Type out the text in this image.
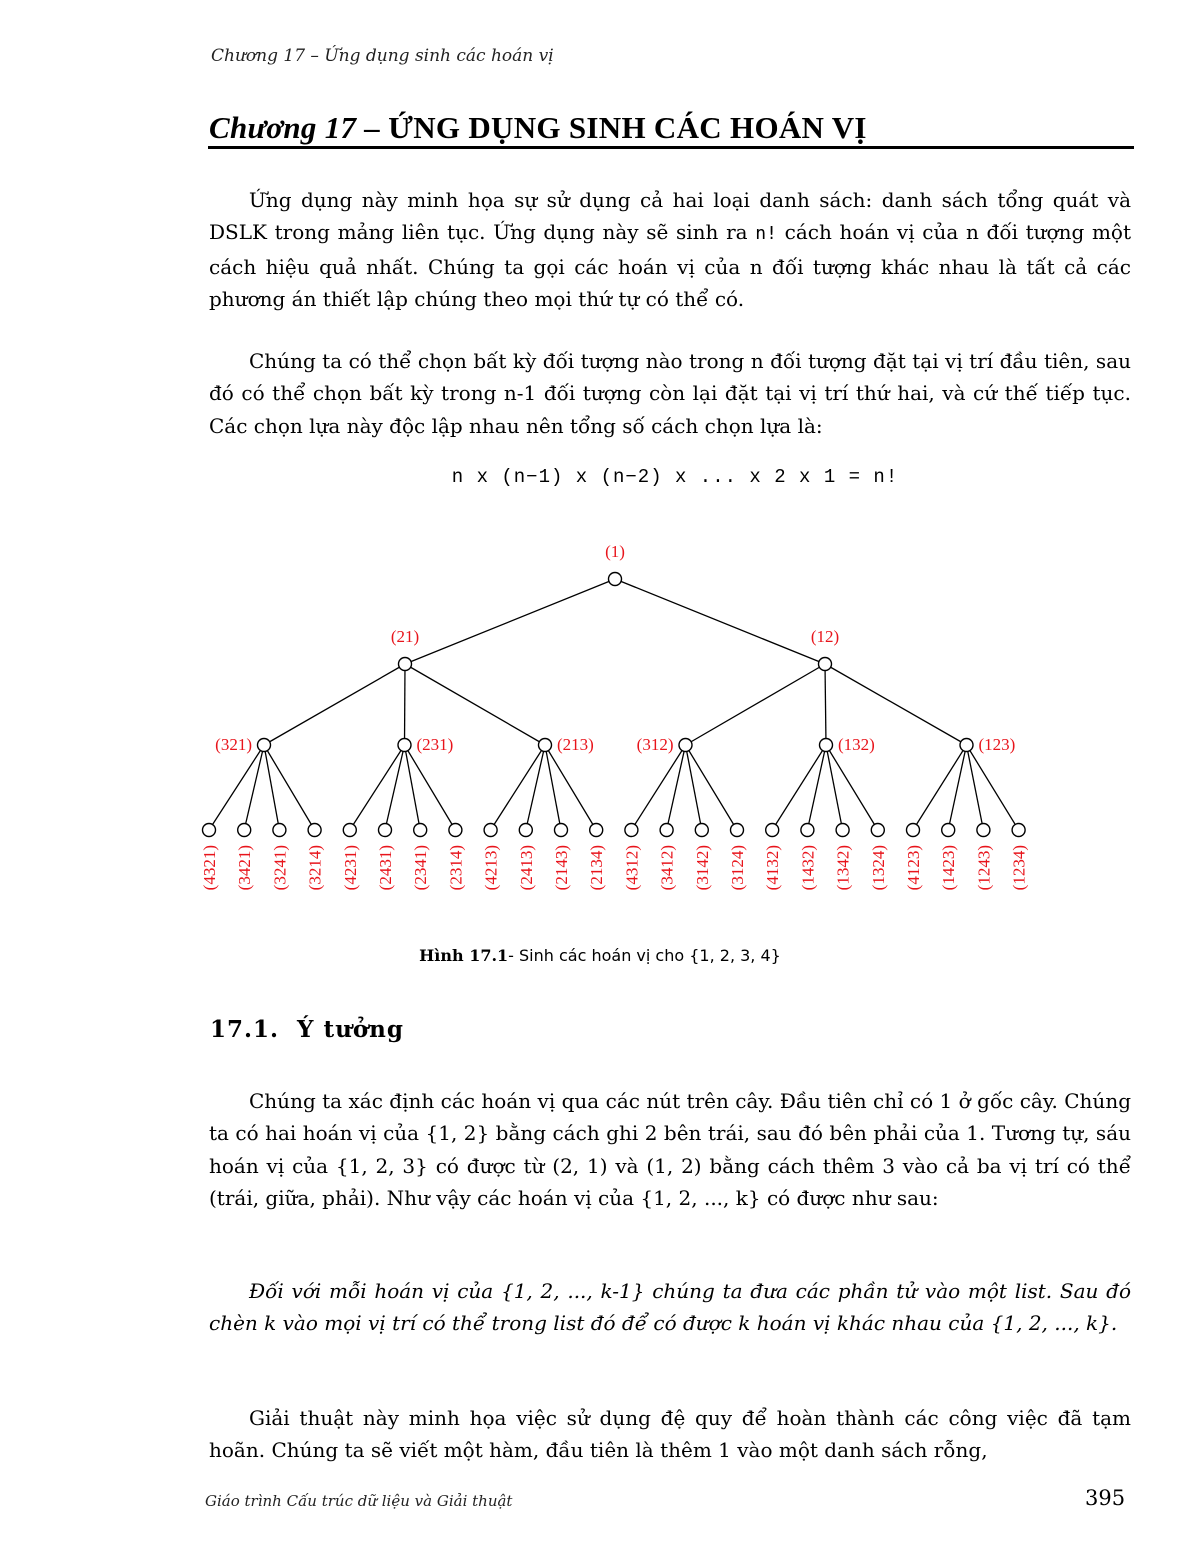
Chương 17 – Ứng dụng sinh các hoán vị
Chương 17 – ỨNG DỤNG SINH CÁC HOÁN VỊ

Ứng dụng này minh họa sự sử dụng cả hai loại danh sách: danh sách tổng quát và DSLK trong mảng liên tục. Ứng dụng này sẽ sinh ra n! cách hoán vị của n đối tượng một cách hiệu quả nhất. Chúng ta gọi các hoán vị của n đối tượng khác nhau là tất cả các phương án thiết lập chúng theo mọi thứ tự có thể có.

Chúng ta có thể chọn bất kỳ đối tượng nào trong n đối tượng đặt tại vị trí đầu tiên, sau đó có thể chọn bất kỳ trong n-1 đối tượng còn lại đặt tại vị trí thứ hai, và cứ thế tiếp tục. Các chọn lựa này độc lập nhau nên tổng số cách chọn lựa là:

n x (n−1) x (n−2) x ... x 2 x 1 = n!
(1)
(21)	(12)
(321)	(231)	(213)	(312)	(132)	(123)
(4321) (3421) (3241) (3214) (4231) (2431) (2341) (2314) (4213) (2413) (2143) (2134) (4312) (3412) (3142) (3124) (4132) (1432) (1342) (1324) (4123) (1423) (1243) (1234)
Hình 17.1- Sinh các hoán vị cho {1, 2, 3, 4}
17.1. Ý tưởng

Chúng ta xác định các hoán vị qua các nút trên cây. Đầu tiên chỉ có 1 ở gốc cây. Chúng ta có hai hoán vị của {1, 2} bằng cách ghi 2 bên trái, sau đó bên phải của 1. Tương tự, sáu hoán vị của {1, 2, 3} có được từ (2, 1) và (1, 2) bằng cách thêm 3 vào cả ba vị trí có thể (trái, giữa, phải). Như vậy các hoán vị của {1, 2, ..., k} có được như sau:

Đối với mỗi hoán vị của {1, 2, ..., k-1} chúng ta đưa các phần tử vào một list. Sau đó chèn k vào mọi vị trí có thể trong list đó để có được k hoán vị khác nhau của {1, 2, ..., k}.

Giải thuật này minh họa việc sử dụng đệ quy để hoàn thành các công việc đã tạm hoãn. Chúng ta sẽ viết một hàm, đầu tiên là thêm 1 vào một danh sách rỗng,

Giáo trình Cấu trúc dữ liệu và Giải thuật	395
